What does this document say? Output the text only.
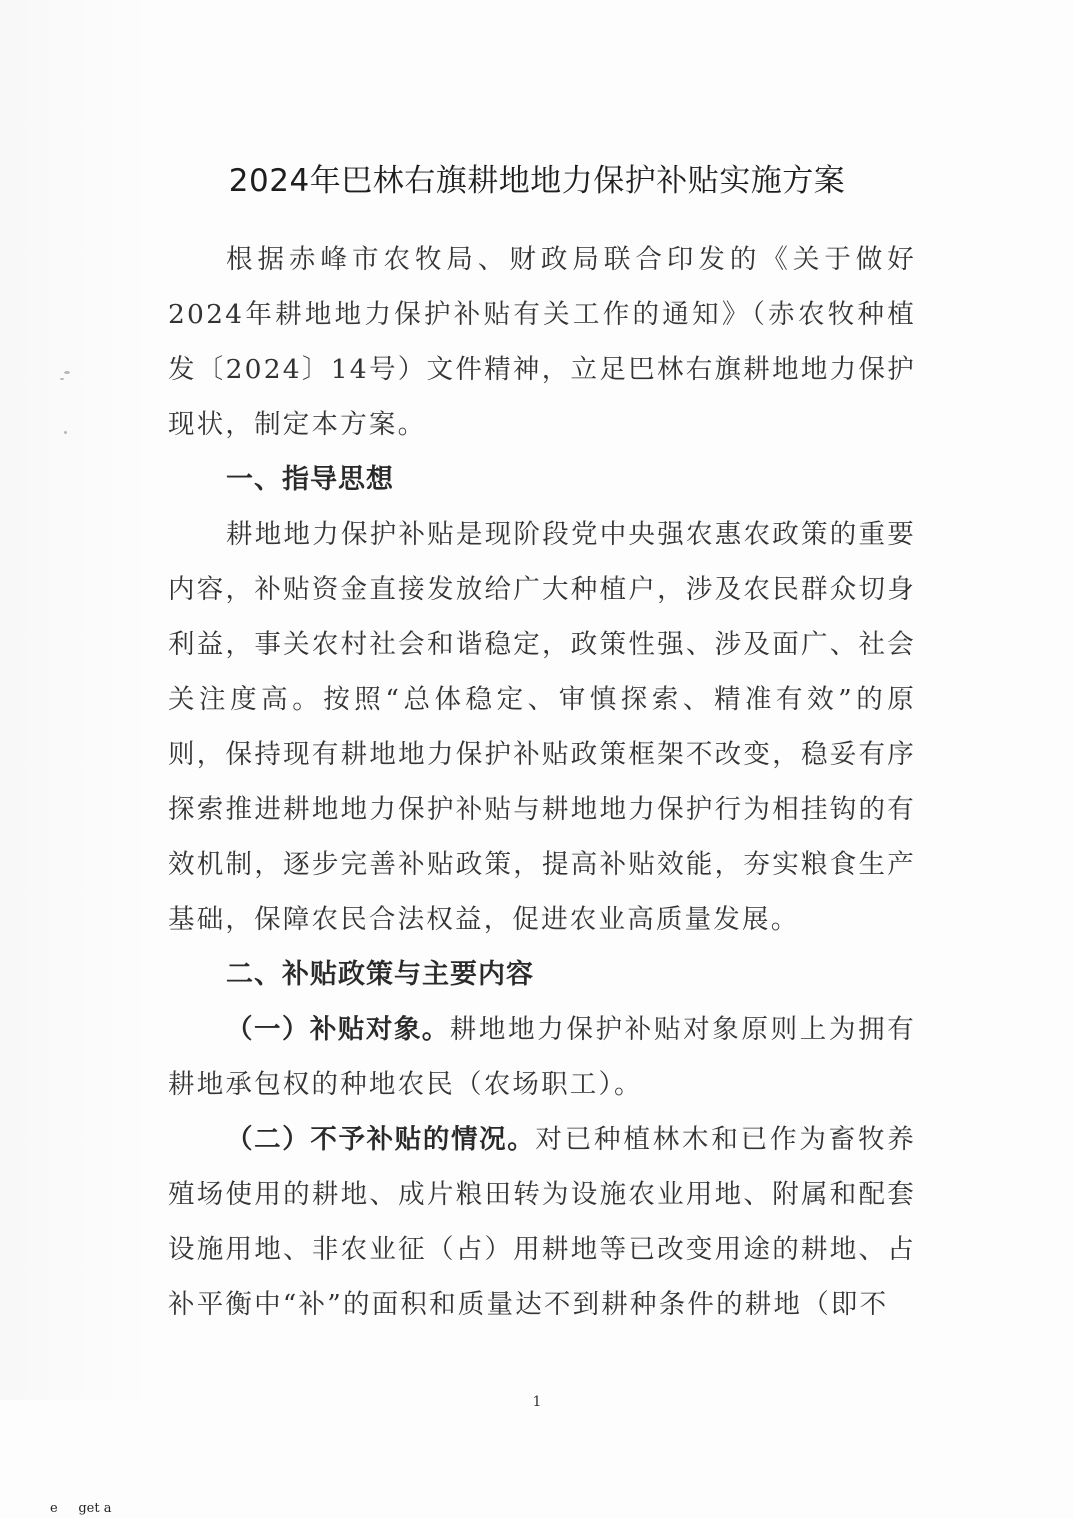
2024年巴林右旗耕地地力保护补贴实施方案

根据赤峰市农牧局、财政局联合印发的《关于做好2024年耕地地力保护补贴有关工作的通知》（赤农牧种植发〔2024〕14号）文件精神，立足巴林右旗耕地地力保护现状，制定本方案。

一、指导思想

耕地地力保护补贴是现阶段党中央强农惠农政策的重要内容，补贴资金直接发放给广大种植户，涉及农民群众切身利益，事关农村社会和谐稳定，政策性强、涉及面广、社会关注度高。按照“总体稳定、审慎探索、精准有效”的原则，保持现有耕地地力保护补贴政策框架不改变，稳妥有序探索推进耕地地力保护补贴与耕地地力保护行为相挂钩的有效机制，逐步完善补贴政策，提高补贴效能，夯实粮食生产基础，保障农民合法权益，促进农业高质量发展。

二、补贴政策与主要内容

（一）补贴对象。耕地地力保护补贴对象原则上为拥有耕地承包权的种地农民（农场职工）。

（二）不予补贴的情况。对已种植林木和已作为畜牧养殖场使用的耕地、成片粮田转为设施农业用地、附属和配套设施用地、非农业征（占）用耕地等已改变用途的耕地、占补平衡中“补”的面积和质量达不到耕种条件的耕地（即不

1
e     get a
